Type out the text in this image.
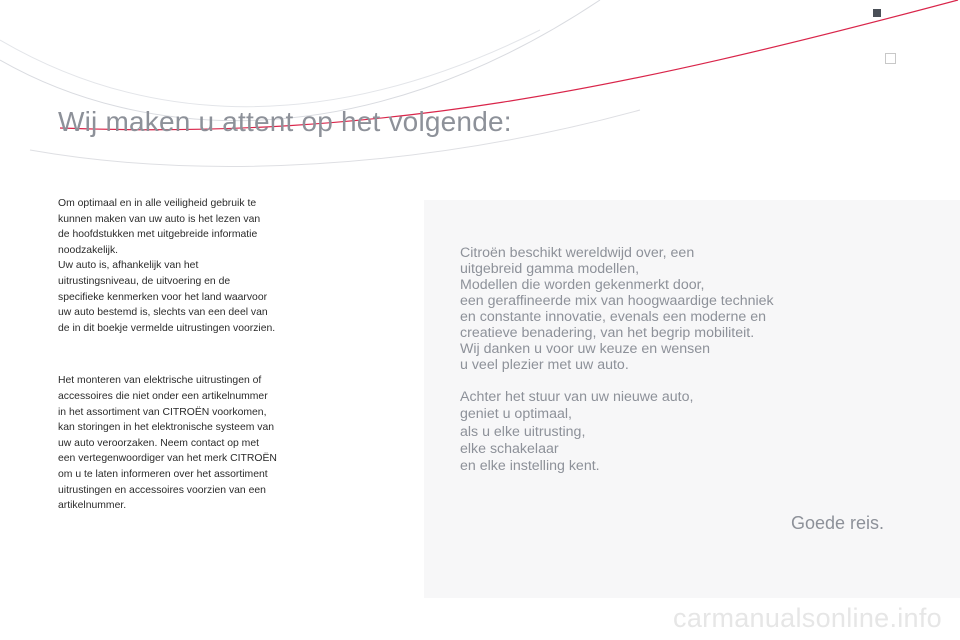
Wij maken u attent op het volgende:

Om optimaal en in alle veiligheid gebruik te
kunnen maken van uw auto is het lezen van
de hoofdstukken met uitgebreide informatie
noodzakelijk.
Uw auto is, afhankelijk van het
uitrustingsniveau, de uitvoering en de
specifieke kenmerken voor het land waarvoor
uw auto bestemd is, slechts van een deel van
de in dit boekje vermelde uitrustingen voorzien.

Het monteren van elektrische uitrustingen of
accessoires die niet onder een artikelnummer
in het assortiment van CITROËN voorkomen,
kan storingen in het elektronische systeem van
uw auto veroorzaken. Neem contact op met
een vertegenwoordiger van het merk CITROËN
om u te laten informeren over het assortiment
uitrustingen en accessoires voorzien van een
artikelnummer.

Citroën beschikt wereldwijd over, een
uitgebreid gamma modellen,
Modellen die worden gekenmerkt door,
een geraffineerde mix van hoogwaardige techniek
en constante innovatie, evenals een moderne en
creatieve benadering, van het begrip mobiliteit.
Wij danken u voor uw keuze en wensen
u veel plezier met uw auto.

Achter het stuur van uw nieuwe auto,
geniet u optimaal,
als u elke uitrusting,
elke schakelaar
en elke instelling kent.

Goede reis.

carmanualsonline.info
